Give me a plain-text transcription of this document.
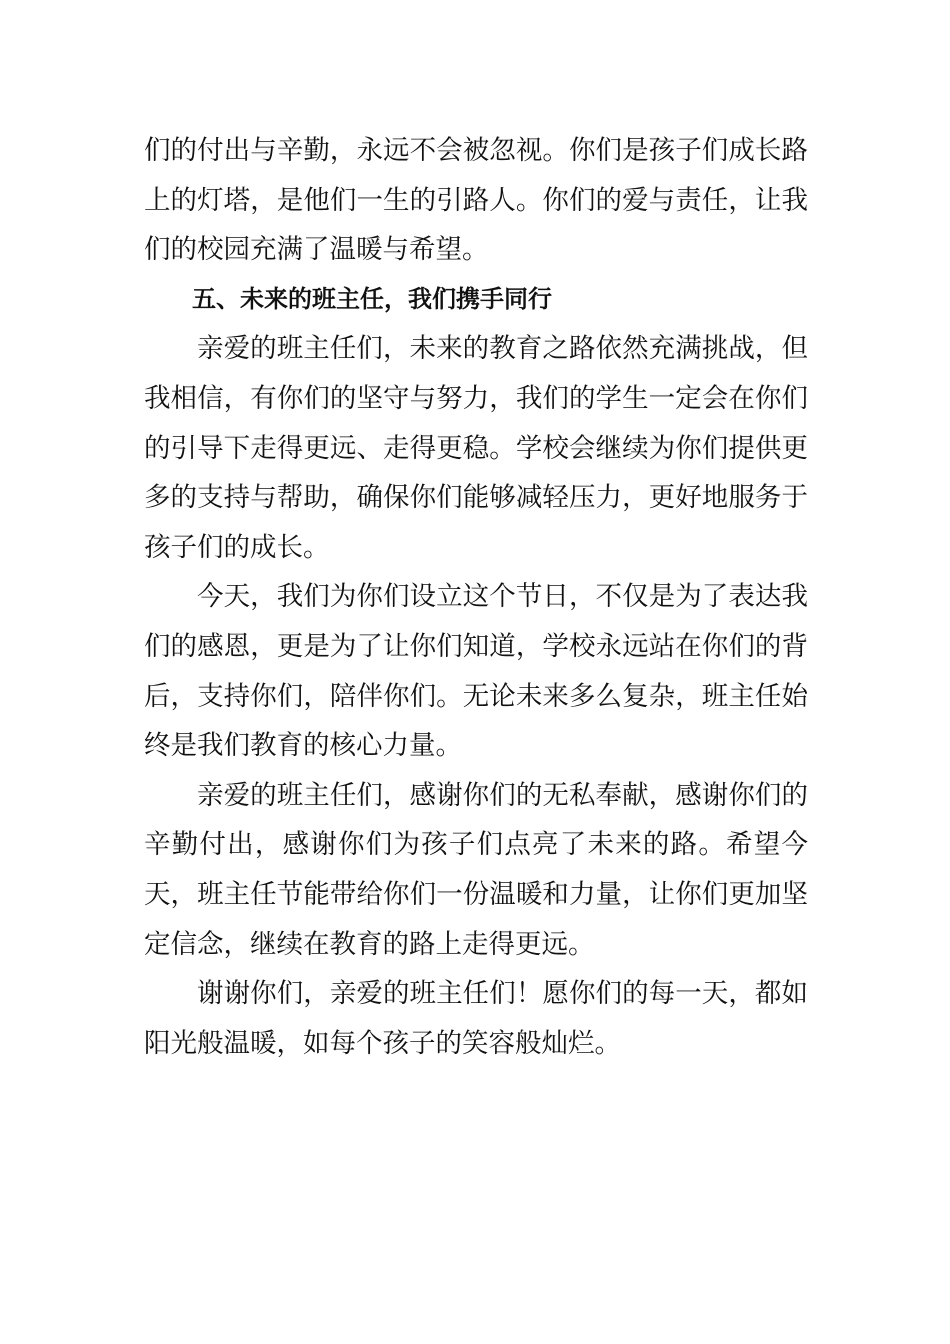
们的付出与辛勤，永远不会被忽视。你们是孩子们成长路上的灯塔，是他们一生的引路人。你们的爱与责任，让我们的校园充满了温暖与希望。

五、未来的班主任，我们携手同行

亲爱的班主任们，未来的教育之路依然充满挑战，但我相信，有你们的坚守与努力，我们的学生一定会在你们的引导下走得更远、走得更稳。学校会继续为你们提供更多的支持与帮助，确保你们能够减轻压力，更好地服务于孩子们的成长。

今天，我们为你们设立这个节日，不仅是为了表达我们的感恩，更是为了让你们知道，学校永远站在你们的背后，支持你们，陪伴你们。无论未来多么复杂，班主任始终是我们教育的核心力量。

亲爱的班主任们，感谢你们的无私奉献，感谢你们的辛勤付出，感谢你们为孩子们点亮了未来的路。希望今天，班主任节能带给你们一份温暖和力量，让你们更加坚定信念，继续在教育的路上走得更远。

谢谢你们，亲爱的班主任们！愿你们的每一天，都如阳光般温暖，如每个孩子的笑容般灿烂。
